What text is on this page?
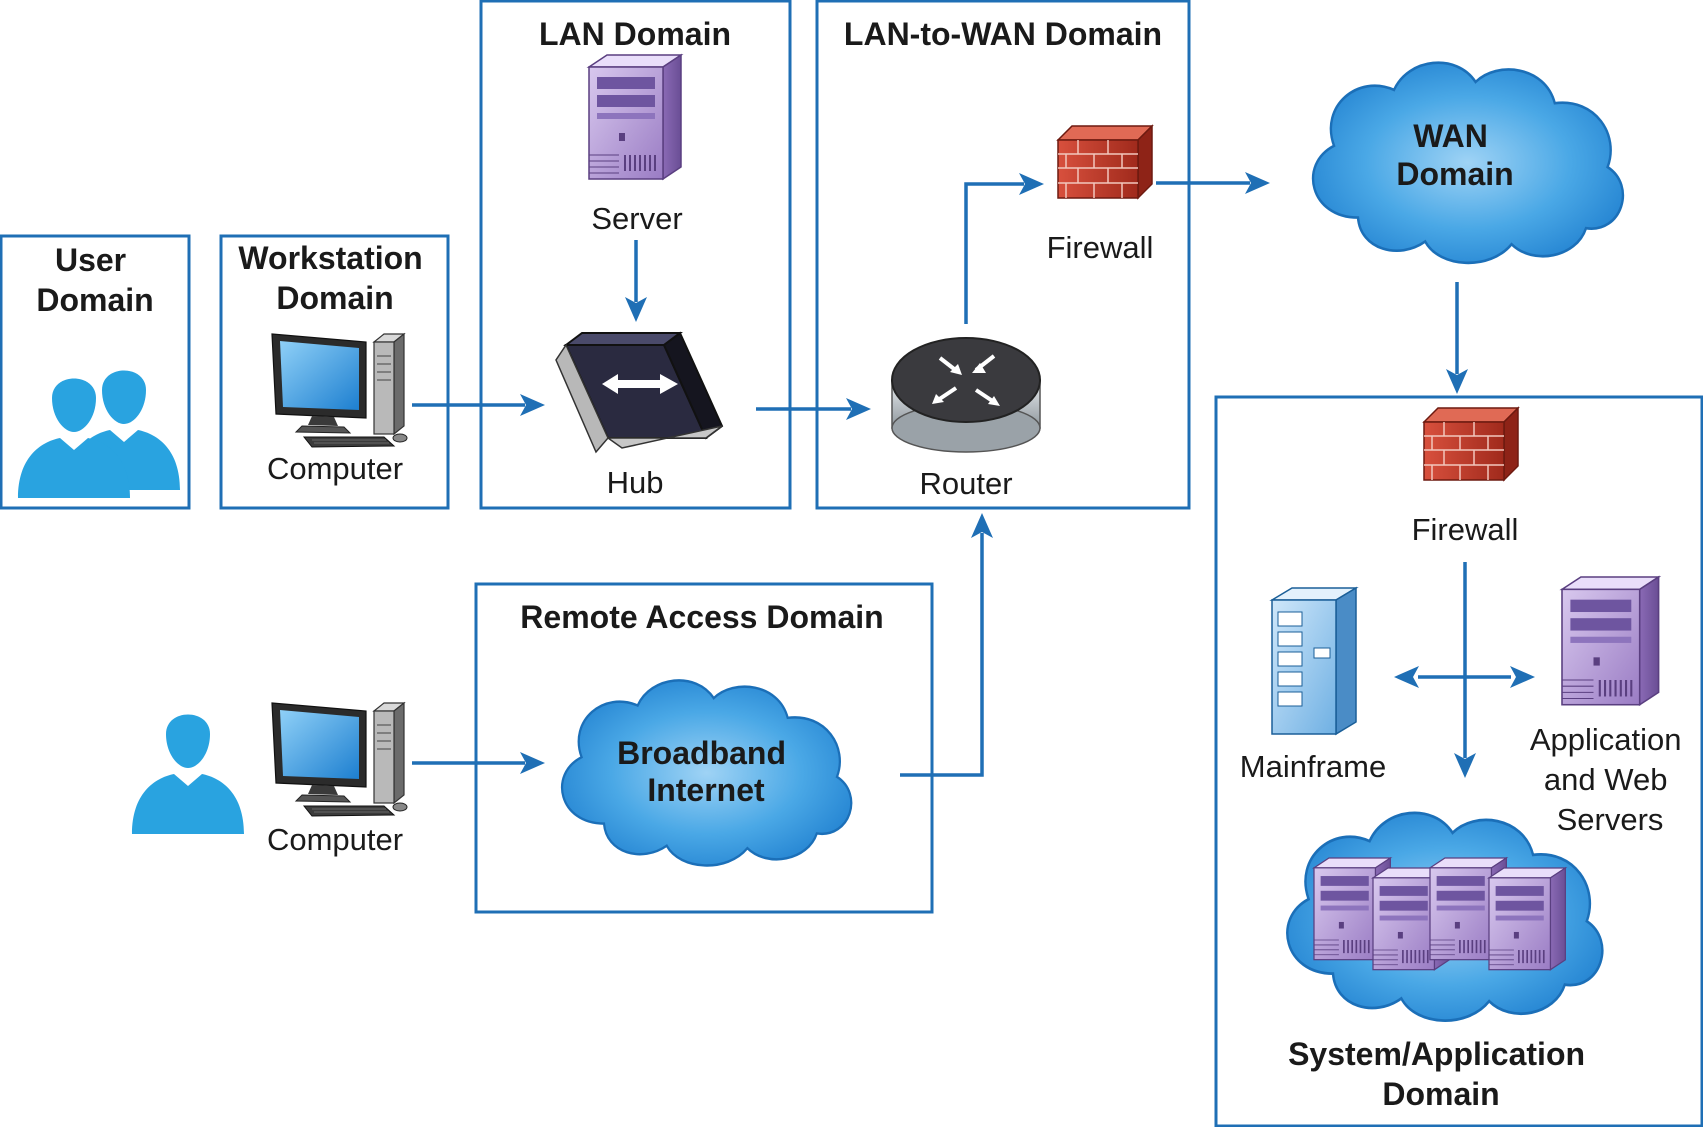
User Domain
Workstation Domain
LAN Domain	LAN-to-WAN Domain
Remote Access Domain
System/Application Domain
Computer
Server
Hub	Router
Firewall
WAN Domain
Computer
Broadband Internet
Firewall
Mainframe
Application and Web Servers
